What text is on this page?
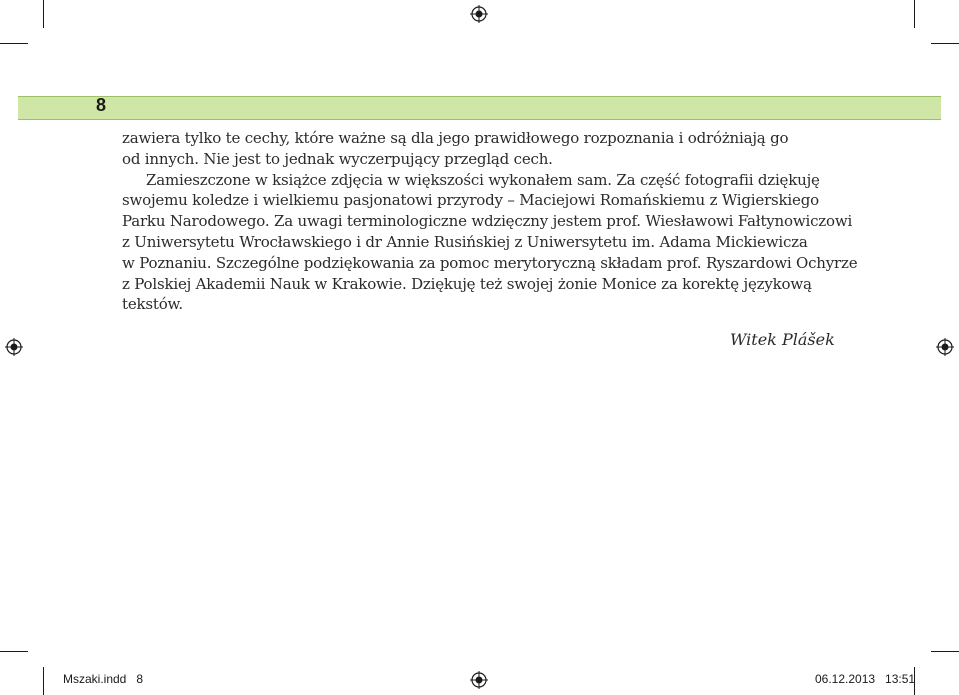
8
zawiera tylko te cechy, które ważne są dla jego prawidłowego rozpoznania i odróżniają go
od innych. Nie jest to jednak wyczerpujący przegląd cech.
Zamieszczone w książce zdjęcia w większości wykonałem sam. Za część fotografii dziękuję
swojemu koledze i wielkiemu pasjonatowi przyrody – Maciejowi Romańskiemu z Wigierskiego
Parku Narodowego. Za uwagi terminologiczne wdzięczny jestem prof. Wiesławowi Fałtynowiczowi
z Uniwersytetu Wrocławskiego i dr Annie Rusińskiej z Uniwersytetu im. Adama Mickiewicza
w Poznaniu. Szczególne podziękowania za pomoc merytoryczną składam prof. Ryszardowi Ochyrze
z Polskiej Akademii Nauk w Krakowie. Dziękuję też swojej żonie Monice za korektę językową
tekstów.
Witek Plášek
Mszaki.indd   8	06.12.2013   13:51
